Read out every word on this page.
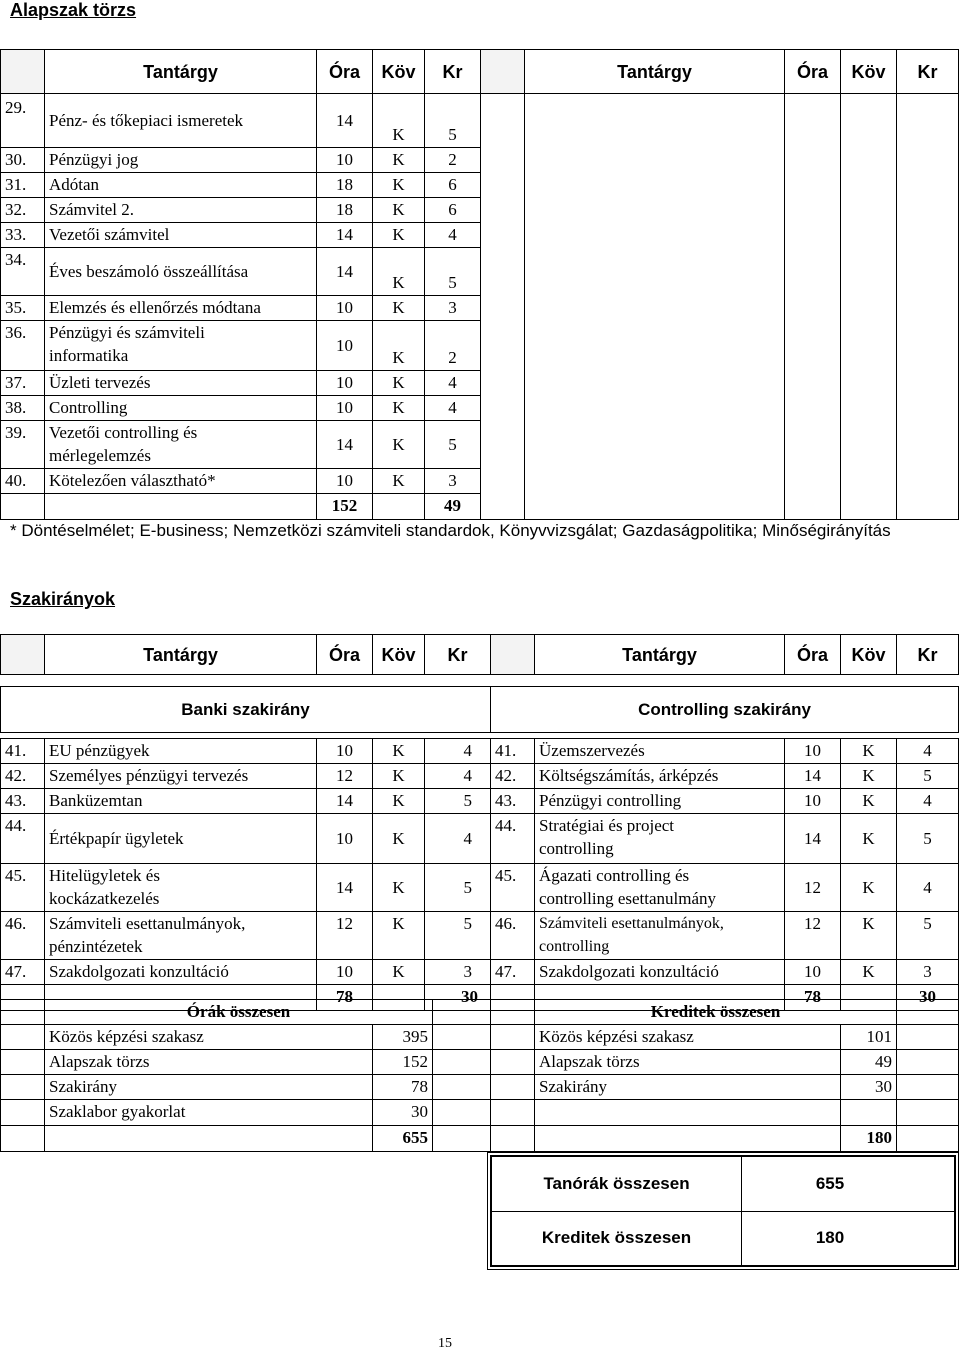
Alapszak törzs
	Tantárgy	Óra	Köv	Kr		Tantárgy	Óra	Köv	Kr
29.	Pénz- és tőkepiaci ismeretek	14	K	5					
30.	Pénzügyi jog	10	K	2					
31.	Adótan	18	K	6					
32.	Számvitel 2.	18	K	6					
33.	Vezetői számvitel	14	K	4					
34.	Éves beszámoló összeállítása	14	K	5					
35.	Elemzés és ellenőrzés módtana	10	K	3					
36.	Pénzügyi és számviteli informatika	10	K	2					
37.	Üzleti tervezés	10	K	4					
38.	Controlling	10	K	4					
39.	Vezetői controlling és mérlegelemzés	14	K	5					
40.	Kötelezően választható*	10	K	3					
		152		49					
* Döntéselmélet; E-business; Nemzetközi számviteli standardok, Könyvvizsgálat; Gazdaságpolitika; Minőségirányítás
Szakirányok
	Tantárgy	Óra	Köv	Kr		Tantárgy	Óra	Köv	Kr

Banki szakirány					Controlling szakirány				

41.	EU pénzügyek	10	K	4	41.	Üzemszervezés	10	K	4
42.	Személyes pénzügyi tervezés	12	K	4	42.	Költségszámítás, árképzés	14	K	5
43.	Banküzemtan	14	K	5	43.	Pénzügyi controlling	10	K	4
44.	Értékpapír ügyletek	10	K	4	44.	Stratégiai és project controlling	14	K	5
45.	Hitelügyletek és kockázatkezelés	14	K	5	45.	Ágazati controlling és controlling esettanulmány	12	K	4
46.	Számviteli esettanulmányok, pénzintézetek	12	K	5	46.	Számviteli esettanulmányok, controlling	12	K	5
47.	Szakdolgozati konzultáció	10	K	3	47.	Szakdolgozati konzultáció	10	K	3
		78		30			78		30
	Órák összesen				Kreditek összesen		
	Közös képzési szakasz	395			Közös képzési szakasz	101	
	Alapszak törzs	152			Alapszak törzs	49	
	Szakirány	78			Szakirány	30	
	Szaklabor gyakorlat	30					
		655				180	
Tanórák összesen	655
Kreditek összesen	180
15
